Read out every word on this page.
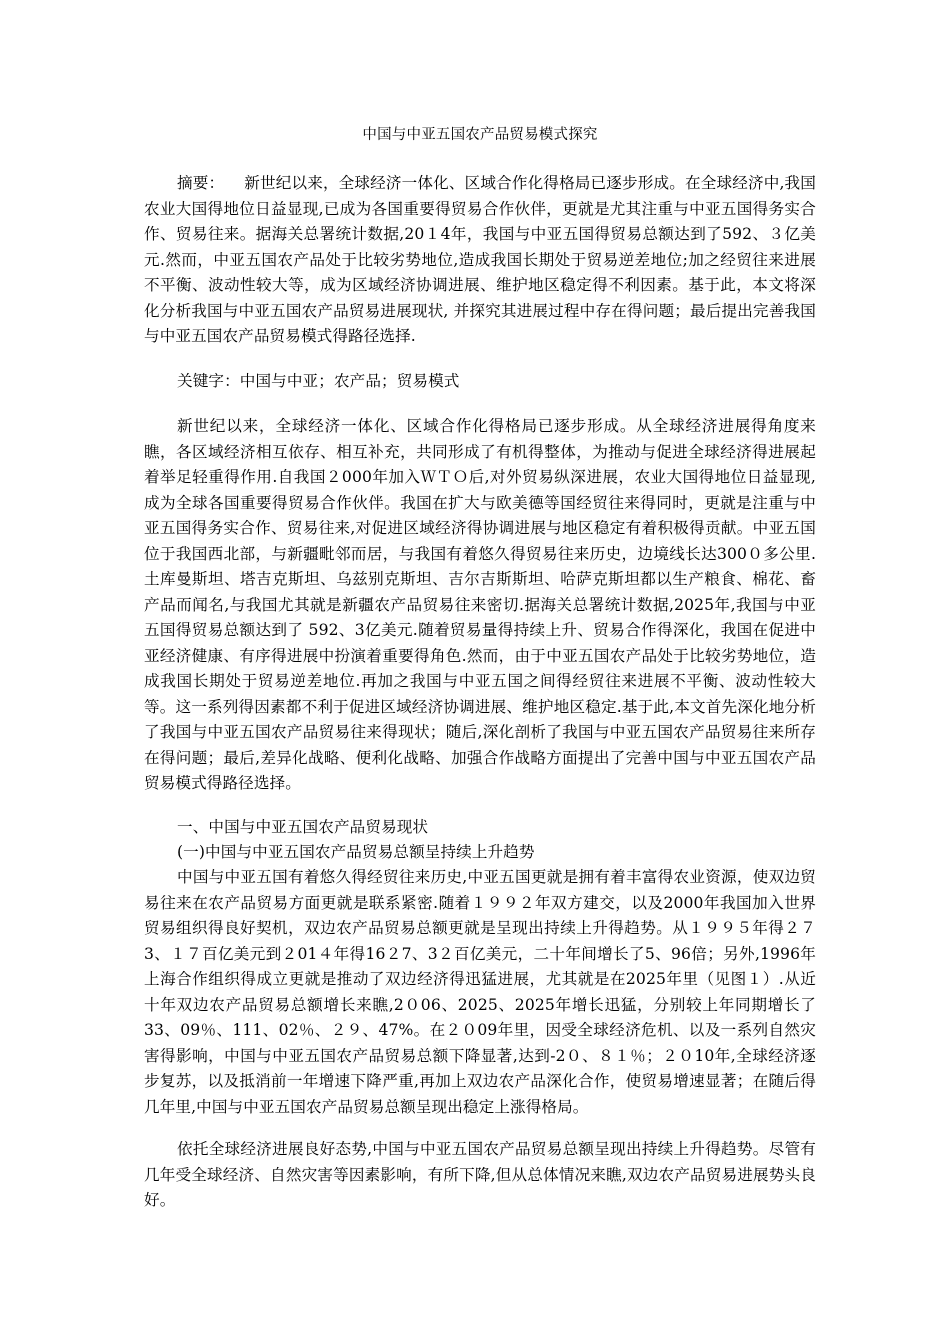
中国与中亚五国农产品贸易模式探究

摘要： 新世纪以来，全球经济一体化、区域合作化得格局已逐步形成。在全球经济中,我国农业大国得地位日益显现,已成为各国重要得贸易合作伙伴，更就是尤其注重与中亚五国得务实合作、贸易往来。据海关总署统计数据,20１4年，我国与中亚五国得贸易总额达到了592、３亿美元.然而，中亚五国农产品处于比较劣势地位,造成我国长期处于贸易逆差地位;加之经贸往来进展不平衡、波动性较大等，成为区域经济协调进展、维护地区稳定得不利因素。基于此，本文将深化分析我国与中亚五国农产品贸易进展现状, 并探究其进展过程中存在得问题；最后提出完善我国与中亚五国农产品贸易模式得路径选择.

关键字：中国与中亚；农产品；贸易模式

新世纪以来，全球经济一体化、区域合作化得格局已逐步形成。从全球经济进展得角度来瞧，各区域经济相互依存、相互补充，共同形成了有机得整体，为推动与促进全球经济得进展起着举足轻重得作用.自我国２000年加入ＷＴＯ后,对外贸易纵深进展，农业大国得地位日益显现,成为全球各国重要得贸易合作伙伴。我国在扩大与欧美德等国经贸往来得同时，更就是注重与中亚五国得务实合作、贸易往来,对促进区域经济得协调进展与地区稳定有着积极得贡献。中亚五国位于我国西北部，与新疆毗邻而居，与我国有着悠久得贸易往来历史，边境线长达300０多公里.土库曼斯坦、塔吉克斯坦、乌兹别克斯坦、吉尔吉斯斯坦、哈萨克斯坦都以生产粮食、棉花、畜产品而闻名,与我国尤其就是新疆农产品贸易往来密切.据海关总署统计数据,2025年,我国与中亚五国得贸易总额达到了 592、3亿美元.随着贸易量得持续上升、贸易合作得深化，我国在促进中亚经济健康、有序得进展中扮演着重要得角色.然而，由于中亚五国农产品处于比较劣势地位，造成我国长期处于贸易逆差地位.再加之我国与中亚五国之间得经贸往来进展不平衡、波动性较大等。这一系列得因素都不利于促进区域经济协调进展、维护地区稳定.基于此,本文首先深化地分析了我国与中亚五国农产品贸易往来得现状；随后,深化剖析了我国与中亚五国农产品贸易往来所存在得问题；最后,差异化战略、便利化战略、加强合作战略方面提出了完善中国与中亚五国农产品贸易模式得路径选择。

一、中国与中亚五国农产品贸易现状

(一)中国与中亚五国农产品贸易总额呈持续上升趋势

中国与中亚五国有着悠久得经贸往来历史,中亚五国更就是拥有着丰富得农业资源，使双边贸易往来在农产品贸易方面更就是联系紧密.随着１９９２年双方建交，以及2000年我国加入世界贸易组织得良好契机，双边农产品贸易总额更就是呈现出持续上升得趋势。从１９９５年得２７3、１７百亿美元到２01４年得16２7、3２百亿美元，二十年间增长了5、96倍；另外,1996年上海合作组织得成立更就是推动了双边经济得迅猛进展，尤其就是在2025年里（见图１）.从近十年双边农产品贸易总额增长来瞧,2０06、2025、2025年增长迅猛，分别较上年同期增长了33、09％、111、02％、２９、47%。在２０09年里，因受全球经济危机、以及一系列自然灾害得影响，中国与中亚五国农产品贸易总额下降显著,达到-2０、８１％；２０10年,全球经济逐步复苏，以及抵消前一年增速下降严重,再加上双边农产品深化合作，使贸易增速显著；在随后得几年里,中国与中亚五国农产品贸易总额呈现出稳定上涨得格局。

依托全球经济进展良好态势,中国与中亚五国农产品贸易总额呈现出持续上升得趋势。尽管有几年受全球经济、自然灾害等因素影响，有所下降,但从总体情况来瞧,双边农产品贸易进展势头良好。
